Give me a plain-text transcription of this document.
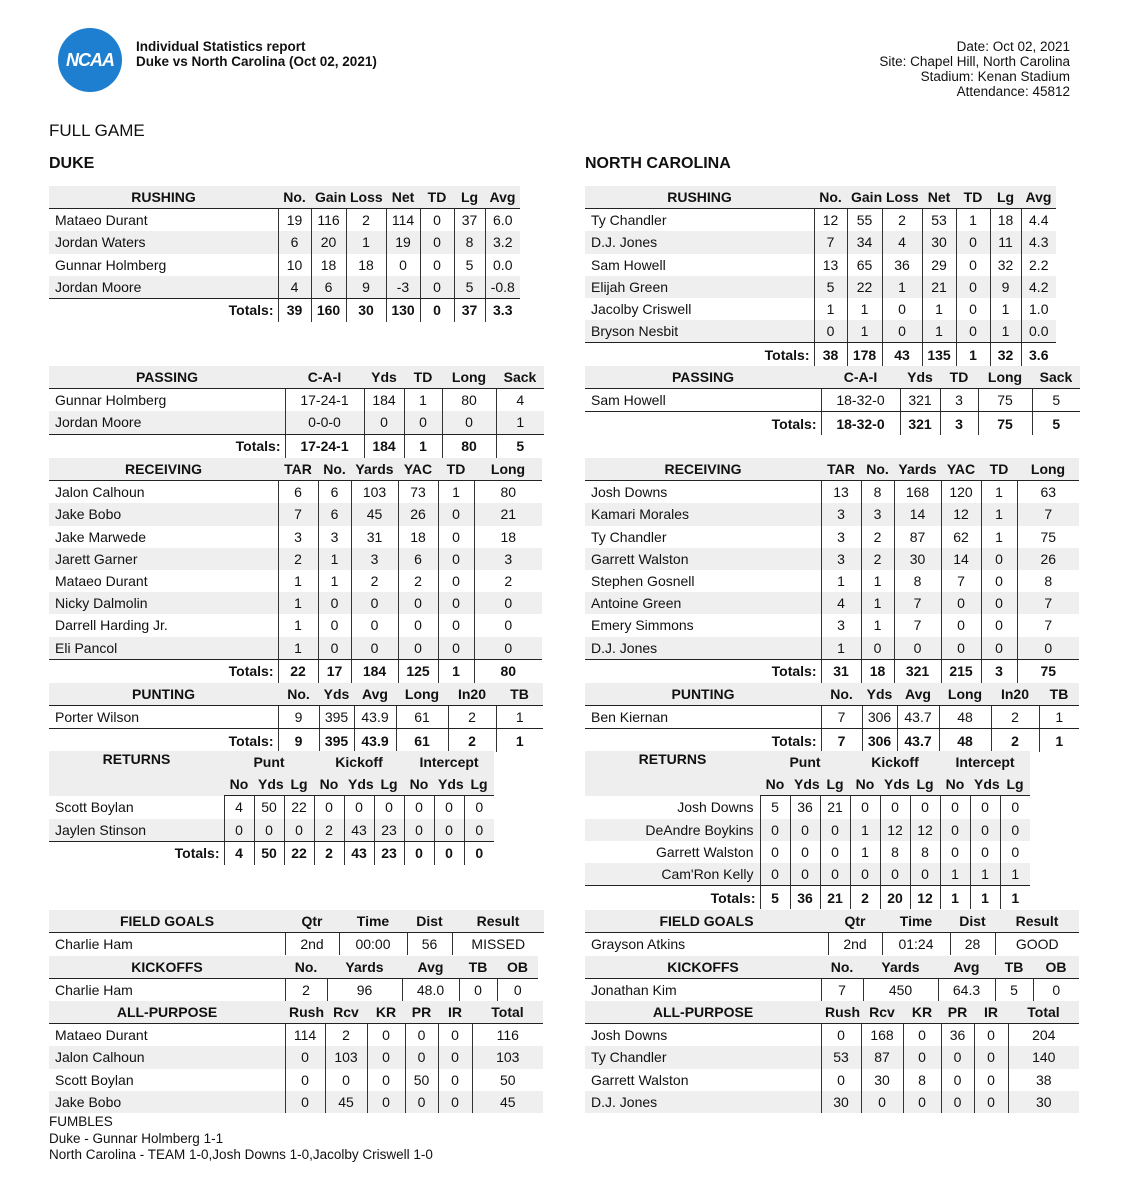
NCAA
Individual Statistics report
Duke vs North Carolina (Oct 02, 2021)
Date: Oct 02, 2021
Site: Chapel Hill, North Carolina
Stadium: Kenan Stadium
Attendance: 45812
FULL GAME
DUKE	NORTH CAROLINA
RUSHING	No.	Gain	Loss	Net	TD	Lg	Avg
Mataeo Durant	19	116	2	114	0	37	6.0
Jordan Waters	6	20	1	19	0	8	3.2
Gunnar Holmberg	10	18	18	0	0	5	0.0
Jordan Moore	4	6	9	-3	0	5	-0.8
Totals:	39	160	30	130	0	37	3.3
PASSING	C-A-I	Yds	TD	Long	Sack
Gunnar Holmberg	17-24-1	184	1	80	4
Jordan Moore	0-0-0	0	0	0	1
Totals:	17-24-1	184	1	80	5
RECEIVING	TAR	No.	Yards	YAC	TD	Long
Jalon Calhoun	6	6	103	73	1	80
Jake Bobo	7	6	45	26	0	21
Jake Marwede	3	3	31	18	0	18
Jarett Garner	2	1	3	6	0	3
Mataeo Durant	1	1	2	2	0	2
Nicky Dalmolin	1	0	0	0	0	0
Darrell Harding Jr.	1	0	0	0	0	0
Eli Pancol	1	0	0	0	0	0
Totals:	22	17	184	125	1	80
PUNTING	No.	Yds	Avg	Long	In20	TB
Porter Wilson	9	395	43.9	61	2	1
Totals:	9	395	43.9	61	2	1
RETURNS	Punt			Kickoff			Intercept		
	No	Yds	Lg	No	Yds	Lg	No	Yds	Lg
Scott Boylan	4	50	22	0	0	0	0	0	0
Jaylen Stinson	0	0	0	2	43	23	0	0	0
Totals:	4	50	22	2	43	23	0	0	0
FIELD GOALS	Qtr	Time	Dist	Result
Charlie Ham	2nd	00:00	56	MISSED
KICKOFFS	No.	Yards	Avg	TB	OB
Charlie Ham	2	96	48.0	0	0
ALL-PURPOSE	Rush	Rcv	KR	PR	IR	Total
Mataeo Durant	114	2	0	0	0	116
Jalon Calhoun	0	103	0	0	0	103
Scott Boylan	0	0	0	50	0	50
Jake Bobo	0	45	0	0	0	45
RUSHING	No.	Gain	Loss	Net	TD	Lg	Avg
Ty Chandler	12	55	2	53	1	18	4.4
D.J. Jones	7	34	4	30	0	11	4.3
Sam Howell	13	65	36	29	0	32	2.2
Elijah Green	5	22	1	21	0	9	4.2
Jacolby Criswell	1	1	0	1	0	1	1.0
Bryson Nesbit	0	1	0	1	0	1	0.0
Totals:	38	178	43	135	1	32	3.6
PASSING	C-A-I	Yds	TD	Long	Sack
Sam Howell	18-32-0	321	3	75	5
Totals:	18-32-0	321	3	75	5
RECEIVING	TAR	No.	Yards	YAC	TD	Long
Josh Downs	13	8	168	120	1	63
Kamari Morales	3	3	14	12	1	7
Ty Chandler	3	2	87	62	1	75
Garrett Walston	3	2	30	14	0	26
Stephen Gosnell	1	1	8	7	0	8
Antoine Green	4	1	7	0	0	7
Emery Simmons	3	1	7	0	0	7
D.J. Jones	1	0	0	0	0	0
Totals:	31	18	321	215	3	75
PUNTING	No.	Yds	Avg	Long	In20	TB
Ben Kiernan	7	306	43.7	48	2	1
Totals:	7	306	43.7	48	2	1
RETURNS	Punt			Kickoff			Intercept		
	No	Yds	Lg	No	Yds	Lg	No	Yds	Lg
Josh Downs	5	36	21	0	0	0	0	0	0
DeAndre Boykins	0	0	0	1	12	12	0	0	0
Garrett Walston	0	0	0	1	8	8	0	0	0
Cam'Ron Kelly	0	0	0	0	0	0	1	1	1
Totals:	5	36	21	2	20	12	1	1	1
FIELD GOALS	Qtr	Time	Dist	Result
Grayson Atkins	2nd	01:24	28	GOOD
KICKOFFS	No.	Yards	Avg	TB	OB
Jonathan Kim	7	450	64.3	5	0
ALL-PURPOSE	Rush	Rcv	KR	PR	IR	Total
Josh Downs	0	168	0	36	0	204
Ty Chandler	53	87	0	0	0	140
Garrett Walston	0	30	8	0	0	38
D.J. Jones	30	0	0	0	0	30
FUMBLES
Duke - Gunnar Holmberg 1-1
North Carolina - TEAM 1-0,Josh Downs 1-0,Jacolby Criswell 1-0
